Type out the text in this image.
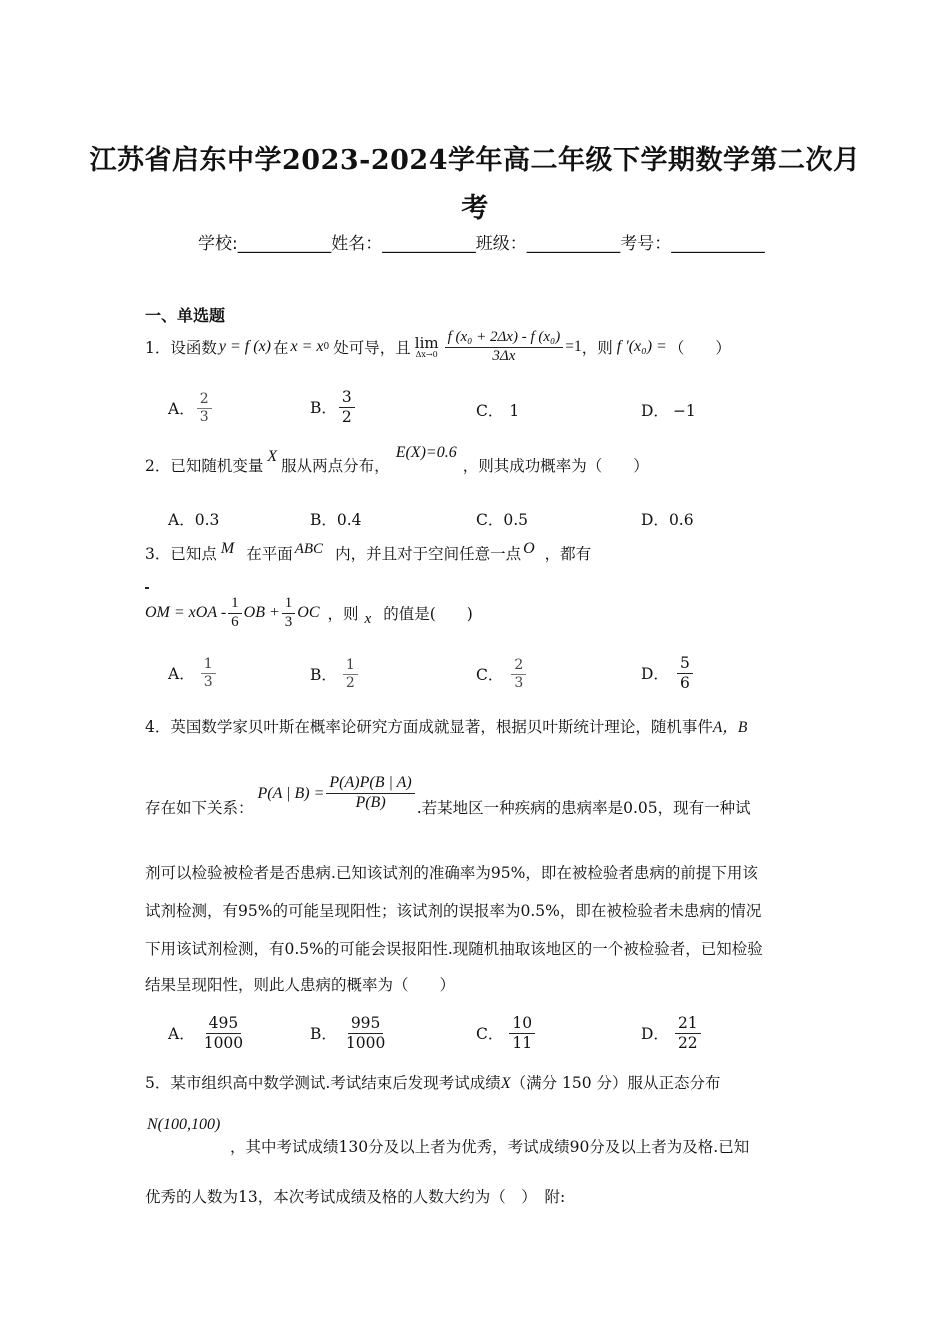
江苏省启东中学2023-2024学年高二年级下学期数学第二次月
考
学校:___________姓名：___________班级：___________考号：___________
一、单选题
1． 设函数 y = f (x) 在 x = x 0 处可导，且 lim
$\Delta x\to 0 \frac{\text{f (x₀ + 2Δx) - f (x₀)}}{3\Delta x} =1$ ，则 f ′(x₀) = （　　）
A． $\frac{2}{3}$	B． $\frac{3}{2}$	C． 1	D． −1
2． 已知随机变量
X
服从两点分布，
E(X)=0.6
，则其成功概率为（　　）
A．0.3	B．0.4	C．0.5	D．0.6
3． 已知点 M 在平面 ABC 内，并且对于空间任意一点 O ，都有
OM = xOA - $\frac{1}{6}$ OB + $\frac{1}{3}$ OC ，则 x 的值是(　　)
A． $\frac{1}{3}$	B． $\frac{1}{2}$	C． $\frac{2}{3}$	D． $\frac{5}{6}$
4．英国数学家贝叶斯在概率论研究方面成就显著，根据贝叶斯统计理论，随机事件A，B
存在如下关系：
P(A | $B) = \frac{P(A)P(B | A)}{P(B)}$ .若某地区一种疾病的患病率是0.05，现有一种试
剂可以检验被检者是否患病.已知该试剂的准确率为95%，即在被检验者患病的前提下用该
试剂检测，有95%的可能呈现阳性；该试剂的误报率为0.5%，即在被检验者未患病的情况
下用该试剂检测，有0.5%的可能会误报阳性.现随机抽取该地区的一个被检验者，已知检验
结果呈现阳性，则此人患病的概率为（　　）
A． $\frac{495}{1000}$	B． $\frac{995}{1000}$	C． $\frac{10}{11}$	D． $\frac{21}{22}$
5．某市组织高中数学测试.考试结束后发现考试成绩X（满分 150 分）服从正态分布
N(100,100)
，其中考试成绩130分及以上者为优秀，考试成绩90分及以上者为及格.已知
优秀的人数为13，本次考试成绩及格的人数大约为（　）　附:
